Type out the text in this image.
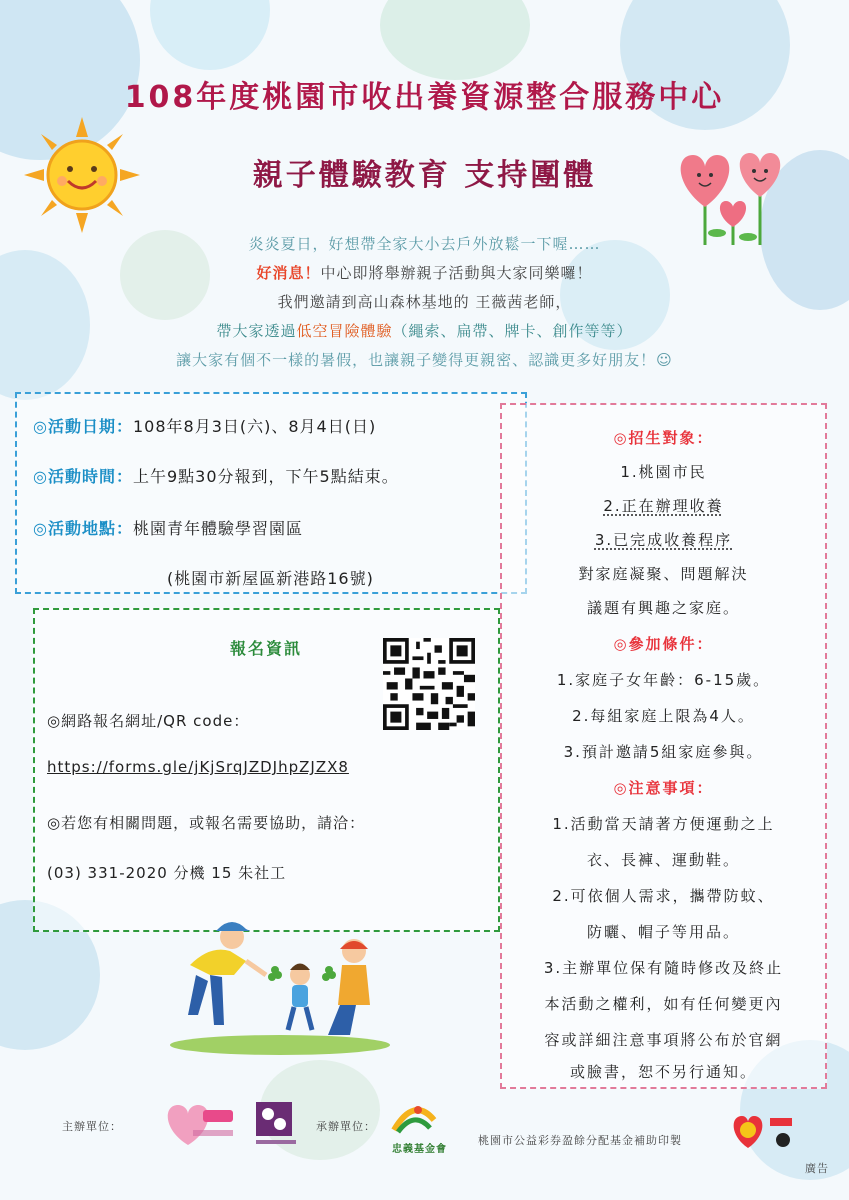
108年度桃園市收出養資源整合服務中心
親子體驗教育 支持團體
炎炎夏日，好想帶全家大小去戶外放鬆一下喔……
好消息！中心即將舉辦親子活動與大家同樂囉！
我們邀請到高山森林基地的 王薇茜老師，
帶大家透過低空冒險體驗（繩索、扁帶、牌卡、創作等等）
讓大家有個不一樣的暑假，也讓親子變得更親密、認識更多好朋友！☺
◎活動日期：108年8月3日(六)、8月4日(日)
◎活動時間：上午9點30分報到，下午5點結束。
◎活動地點：桃園青年體驗學習園區
(桃園市新屋區新港路16號)
報名資訊
◎網路報名網址/QR code：
https://forms.gle/jKjSrqJZDJhpZJZX8
◎若您有相關問題，或報名需要協助，請洽：
(03) 331-2020 分機 15 朱社工
◎招生對象：
1.桃園市民
2.正在辦理收養
3.已完成收養程序
對家庭凝聚、問題解決
議題有興趣之家庭。
◎參加條件：
1.家庭子女年齡：6-15歲。
2.每組家庭上限為4人。
3.預計邀請5組家庭參與。
◎注意事項：
1.活動當天請著方便運動之上
衣、長褲、運動鞋。
2.可依個人需求，攜帶防蚊、
防曬、帽子等用品。
3.主辦單位保有隨時修改及終止
本活動之權利，如有任何變更內
容或詳細注意事項將公布於官網
或臉書，恕不另行通知。
主辦單位：	承辦單位：
忠義基金會
桃園市公益彩券盈餘分配基金補助印製
廣告
